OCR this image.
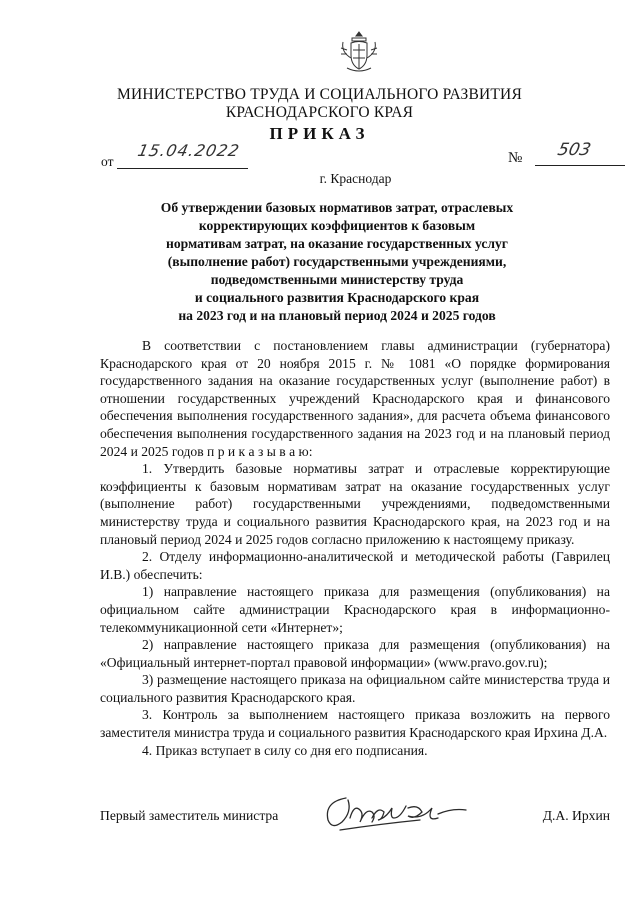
МИНИСТЕРСТВО ТРУДА И СОЦИАЛЬНОГО РАЗВИТИЯ
КРАСНОДАРСКОГО КРАЯ
ПРИКАЗ
от
15.04.2022	№ 503
г. Краснодар
Об утверждении базовых нормативов затрат, отраслевых
корректирующих коэффициентов к базовым
нормативам затрат, на оказание государственных услуг
(выполнение работ) государственными учреждениями,
подведомственными министерству труда
и социального развития Краснодарского края
на 2023 год и на плановый период 2024 и 2025 годов

В соответствии с постановлением главы администрации (губернатора) Краснодарского края от 20 ноября 2015 г. № 1081 «О порядке формирования государственного задания на оказание государственных услуг (выполнение работ) в отношении государственных учреждений Краснодарского края и финансового обеспечения выполнения государственного задания», для расчета объема финансового обеспечения выполнения государственного задания на 2023 год и на плановый период 2024 и 2025 годов п р и к а з ы в а ю:

1. Утвердить базовые нормативы затрат и отраслевые корректирующие коэффициенты к базовым нормативам затрат на оказание государственных услуг (выполнение работ) государственными учреждениями, подведомственными министерству труда и социального развития Краснодарского края, на 2023 год и на плановый период 2024 и 2025 годов согласно приложению к настоящему приказу.

2. Отделу информационно-аналитической и методической работы (Гаврилец И.В.) обеспечить:

1) направление настоящего приказа для размещения (опубликования) на официальном сайте администрации Краснодарского края в информационно-телекоммуникационной сети «Интернет»;

2) направление настоящего приказа для размещения (опубликования) на «Официальный интернет-портал правовой информации» (www.pravo.gov.ru);

3) размещение настоящего приказа на официальном сайте министерства труда и социального развития Краснодарского края.

3. Контроль за выполнением настоящего приказа возложить на первого заместителя министра труда и социального развития Краснодарского края Ирхина Д.А.

4. Приказ вступает в силу со дня его подписания.

Первый заместитель министра	Д.А. Ирхин
